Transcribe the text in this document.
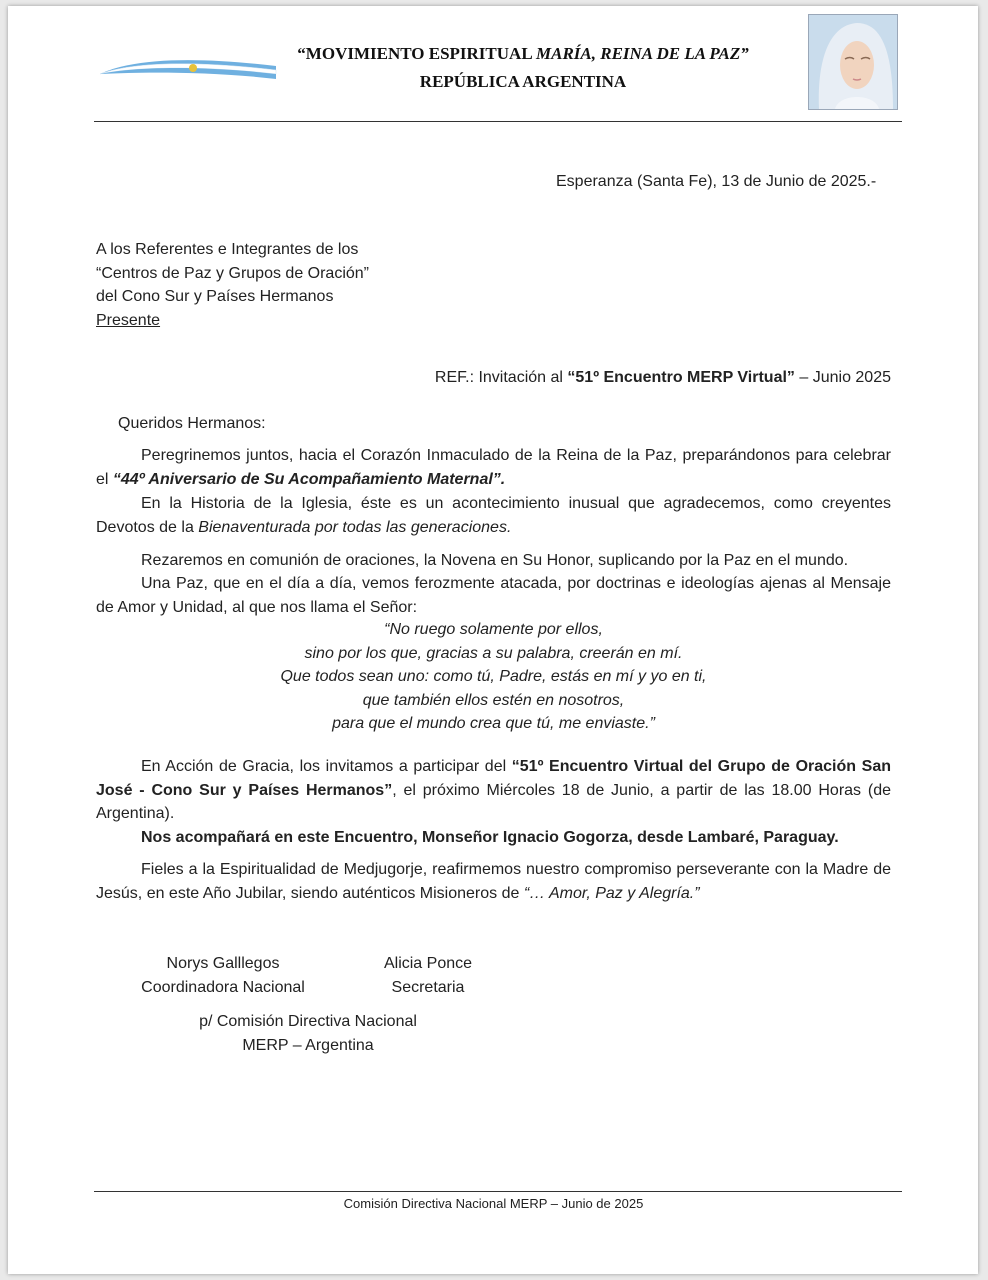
“MOVIMIENTO ESPIRITUAL MARÍA, REINA DE LA PAZ”
REPÚBLICA ARGENTINA
Esperanza (Santa Fe), 13 de Junio de 2025.-
A los Referentes e Integrantes de los
“Centros de Paz y Grupos de Oración”
del Cono Sur y Países Hermanos
Presente
REF.: Invitación al “51º Encuentro MERP Virtual” – Junio 2025
Queridos Hermanos:
Peregrinemos juntos, hacia el Corazón Inmaculado de la Reina de la Paz, preparándonos para celebrar el “44º Aniversario de Su Acompañamiento Maternal”.
En la Historia de la Iglesia, éste es un acontecimiento inusual que agradecemos, como creyentes Devotos de la Bienaventurada por todas las generaciones.
Rezaremos en comunión de oraciones, la Novena en Su Honor, suplicando por la Paz en el mundo.
Una Paz, que en el día a día, vemos ferozmente atacada, por doctrinas e ideologías ajenas al Mensaje de Amor y Unidad, al que nos llama el Señor:
“No ruego solamente por ellos,
sino por los que, gracias a su palabra, creerán en mí.
Que todos sean uno: como tú, Padre, estás en mí y yo en ti,
que también ellos estén en nosotros,
para que el mundo crea que tú, me enviaste.”
En Acción de Gracia, los invitamos a participar del “51º Encuentro Virtual del Grupo de Oración San José - Cono Sur y Países Hermanos”, el próximo Miércoles 18 de Junio, a partir de las 18.00 Horas (de Argentina).
Nos acompañará en este Encuentro, Monseñor Ignacio Gogorza, desde Lambaré, Paraguay.
Fieles a la Espiritualidad de Medjugorje, reafirmemos nuestro compromiso perseverante con la Madre de Jesús, en este Año Jubilar, siendo auténticos Misioneros de “… Amor, Paz y Alegría.”
Norys Galllegos
Coordinadora Nacional
Alicia Ponce
Secretaria
p/ Comisión Directiva Nacional
MERP – Argentina
Comisión Directiva Nacional MERP – Junio de 2025
